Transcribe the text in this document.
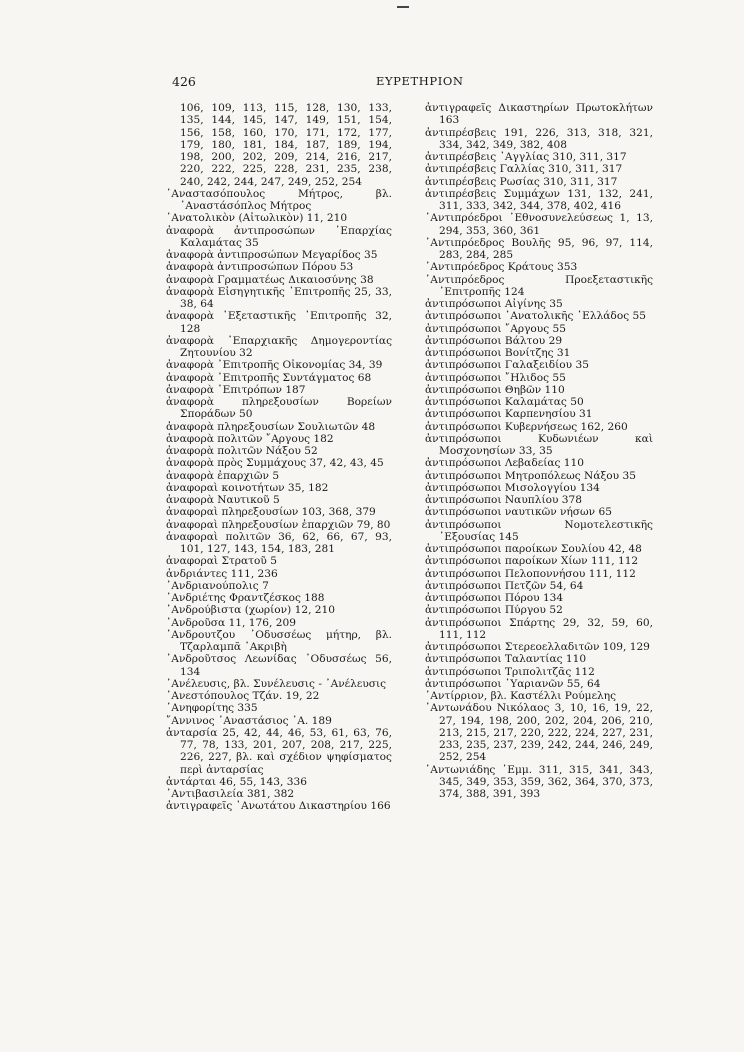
426	ΕΥΡΕΤΗΡΙΟΝ
106, 109, 113, 115, 128, 130, 133,
135, 144, 145, 147, 149, 151, 154,
156, 158, 160, 170, 171, 172, 177,
179, 180, 181, 184, 187, 189, 194,
198, 200, 202, 209, 214, 216, 217,
220, 222, 225, 228, 231, 235, 238,
240, 242, 244, 247, 249, 252, 254
᾿Αναστασόπουλος Μήτρος, βλ. ᾿Αναστάσόπλος Μήτρος
᾿Ανατολικὸν (Αἰτωλικὸν) 11, 210
ἀναφορὰ ἀντιπροσώπων ᾿Επαρχίας Καλαμάτας 35
ἀναφορὰ ἀντιπροσώπων Μεγαρίδος 35
ἀναφορὰ ἀντιπροσώπων Πόρου 53
ἀναφορὰ Γραμματέως Δικαιοσύνης 38
ἀναφορὰ Εἰσηγητικῆς ᾿Επιτροπῆς 25, 33, 38, 64
ἀναφορὰ ᾿Εξεταστικῆς ᾿Επιτροπῆς 32, 128
ἀναφορὰ ᾿Επαρχιακῆς Δημογεροντίας Ζητουνίου 32
ἀναφορὰ ᾿Επιτροπῆς Οἰκονομίας 34, 39
ἀναφορὰ ᾿Επιτροπῆς Συντάγματος 68
ἀναφορὰ ᾿Επιτρόπων 187
ἀναφορὰ πληρεξουσίων Βορείων Σποράδων 50
ἀναφορὰ πληρεξουσίων Σουλιωτῶν 48
ἀναφορὰ πολιτῶν ῎Αργους 182
ἀναφορὰ πολιτῶν Νάξου 52
ἀναφορὰ πρὸς Συμμάχους 37, 42, 43, 45
ἀναφορὰ ἐπαρχιῶν 5
ἀναφοραὶ κοινοτήτων 35, 182
ἀναφορὰ Ναυτικοῦ 5
ἀναφοραὶ πληρεξουσίων 103, 368, 379
ἀναφοραὶ πληρεξουσίων ἐπαρχιῶν 79, 80
ἀναφοραὶ πολιτῶν 36, 62, 66, 67, 93, 101, 127, 143, 154, 183, 281
ἀναφοραὶ Στρατοῦ 5
ἀνδριάντες 111, 236
᾿Ανδριανούπολις 7
᾿Ανδριέτης Φραντζέσκος 188
᾿Ανδρούβιστα (χωρίον) 12, 210
᾿Ανδροῦσα 11, 176, 209
᾿Ανδρουτζου ᾿Οδυσσέως μήτηρ, βλ. Τζαρλαμπᾶ ᾿Ακριβὴ
᾿Ανδροῦτσος Λεωνίδας ᾿Οδυσσέως 56, 134
᾿Ανέλευσις, βλ. Συνέλευσις - ᾿Ανέλευσις
᾿Ανεστόπουλος Τζάν. 19, 22
᾿Ανηφορίτης 335
῎Αννινος ᾿Αναστάσιος ᾿Α. 189
ἀνταρσία 25, 42, 44, 46, 53, 61, 63, 76, 77, 78, 133, 201, 207, 208, 217, 225, 226, 227, βλ. καὶ σχέδιον ψηφίσματος περὶ ἀνταρσίας
ἀντάρται 46, 55, 143, 336
᾿Αντιβασιλεία 381, 382
ἀντιγραφεῖς ᾿Ανωτάτου Δικαστηρίου 166
ἀντιγραφεῖς Δικαστηρίων Πρωτοκλήτων 163
ἀντιπρέσβεις 191, 226, 313, 318, 321, 334, 342, 349, 382, 408
ἀντιπρέσβεις ᾿Αγγλίας 310, 311, 317
ἀντιπρέσβεις Γαλλίας 310, 311, 317
ἀντιπρέσβεις Ρωσίας 310, 311, 317
ἀντιπρέσβεις Συμμάχων 131, 132, 241, 311, 333, 342, 344, 378, 402, 416
᾿Αντιπρόεδροι ᾿Εθνοσυνελεύσεως 1, 13, 294, 353, 360, 361
᾿Αντιπρόεδρος Βουλῆς 95, 96, 97, 114, 283, 284, 285
᾿Αντιπρόεδρος Κράτους 353
᾿Αντιπρόεδρος Προεξεταστικῆς ᾿Επιτροπῆς 124
ἀντιπρόσωποι Αἰγίνης 35
ἀντιπρόσωποι ᾿Ανατολικῆς ῾Ελλάδος 55
ἀντιπρόσωποι ῎Αργους 55
ἀντιπρόσωποι Βάλτου 29
ἀντιπρόσωποι Βονίτζης 31
ἀντιπρόσωποι Γαλαξειδίου 35
ἀντιπρόσωποι ῎Ηλιδος 55
ἀντιπρόσωποι Θηβῶν 110
ἀντιπρόσωποι Καλαμάτας 50
ἀντιπρόσωποι Καρπενησίου 31
ἀντιπρόσωποι Κυβερνήσεως 162, 260
ἀντιπρόσωποι Κυδωνιέων καὶ Μοσχονησίων 33, 35
ἀντιπρόσωποι Λεβαδείας 110
ἀντιπρόσωποι Μητροπόλεως Νάξου 35
ἀντιπρόσωποι Μισολογγίου 134
ἀντιπρόσωποι Ναυπλίου 378
ἀντιπρόσωποι ναυτικῶν νήσων 65
ἀντιπρόσωποι Νομοτελεστικῆς ᾿Εξουσίας 145
ἀντιπρόσωποι παροίκων Σουλίου 42, 48
ἀντιπρόσωποι παροίκων Χίων 111, 112
ἀντιπρόσωποι Πελοποννήσου 111, 112
ἀντιπρόσωποι Πετζῶν 54, 64
ἀντιπρόσωποι Πόρου 134
ἀντιπρόσωποι Πύργου 52
ἀντιπρόσωποι Σπάρτης 29, 32, 59, 60, 111, 112
ἀντιπρόσωποι Στερεοελλαδιτῶν 109, 129
ἀντιπρόσωποι Ταλαντίας 110
ἀντιπρόσωποι Τριπολιτζᾶς 112
ἀντιπρόσωποι ῾Υαριανῶν 55, 64
᾿Αντίρριον, βλ. Καστέλλι Ρούμελης
᾿Αντωνάδου Νικόλαος 3, 10, 16, 19, 22, 27, 194, 198, 200, 202, 204, 206, 210, 213, 215, 217, 220, 222, 224, 227, 231, 233, 235, 237, 239, 242, 244, 246, 249, 252, 254
᾿Αντωνιάδης ᾿Εμμ. 311, 315, 341, 343, 345, 349, 353, 359, 362, 364, 370, 373, 374, 388, 391, 393
